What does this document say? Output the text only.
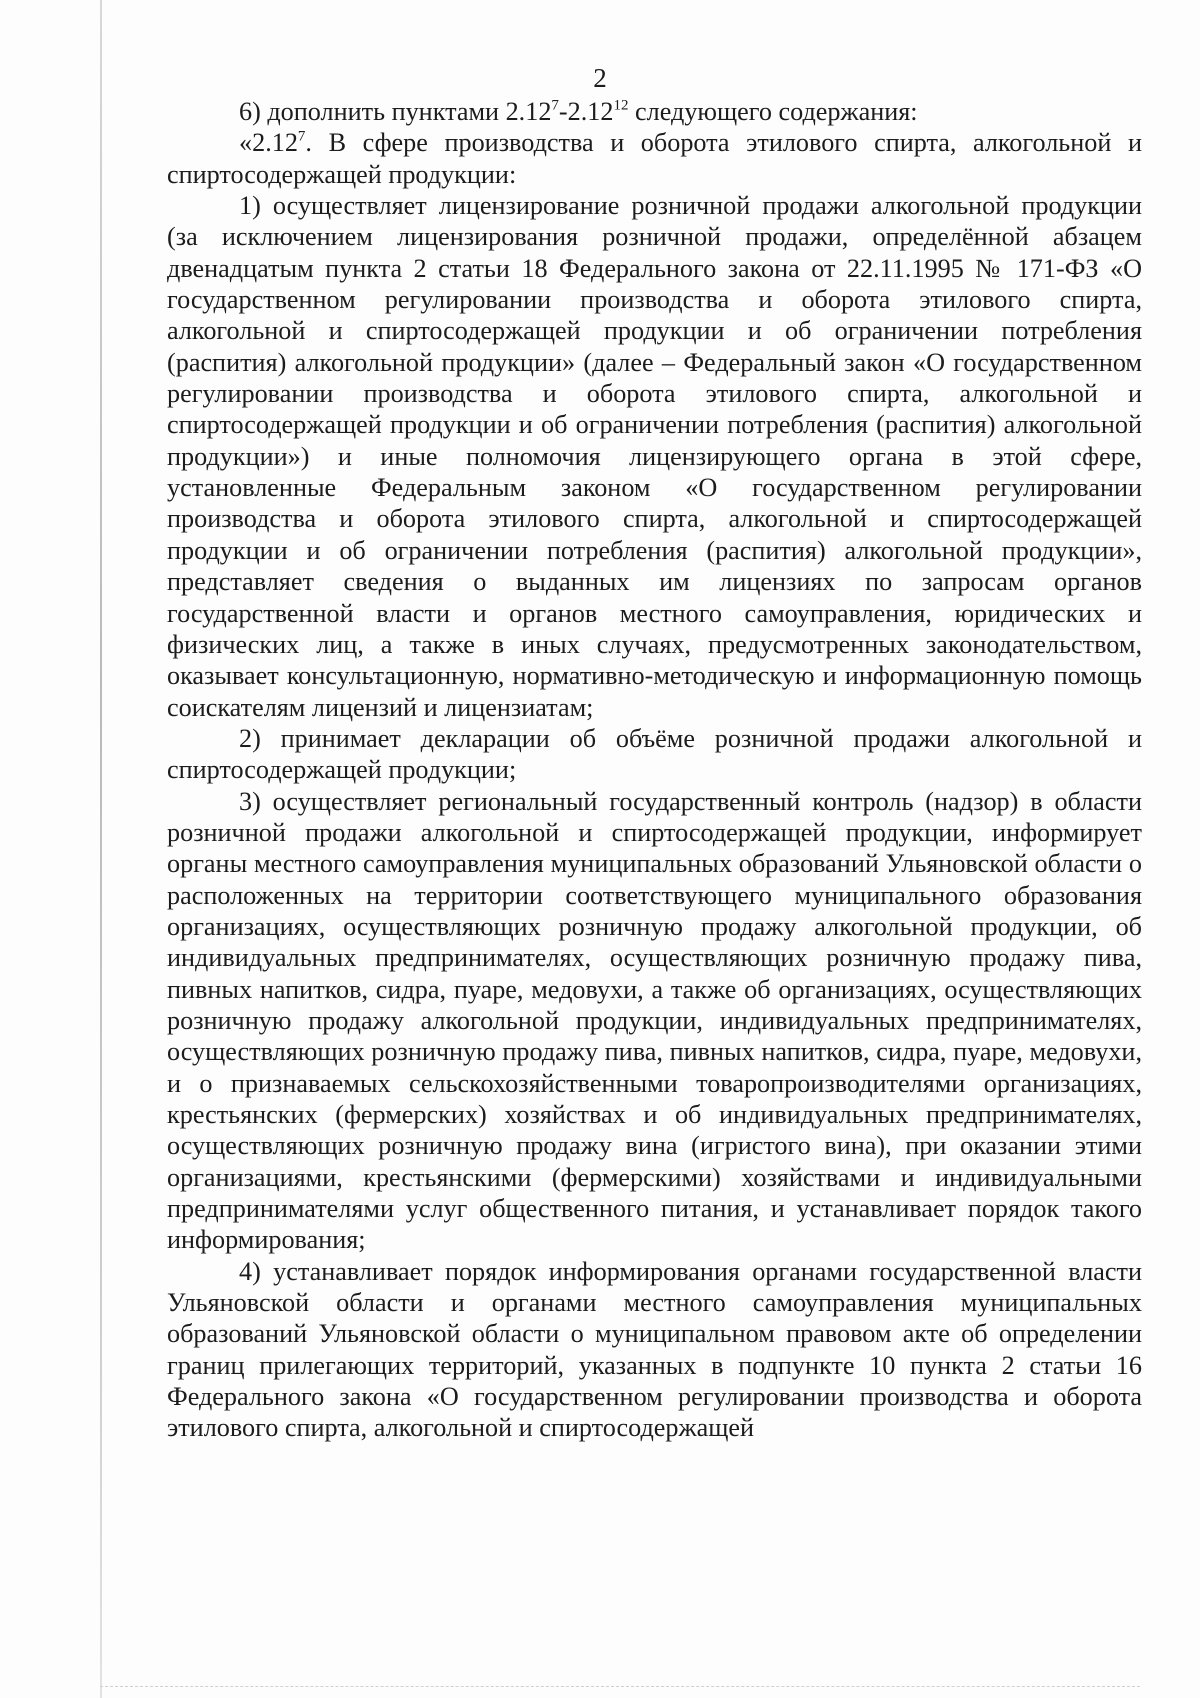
2

6) дополнить пунктами 2.12$^7$-2.12$^{12}$ следующего содержания:

«2.12$^7$. В сфере производства и оборота этилового спирта, алкогольной и спиртосодержащей продукции:

1) осуществляет лицензирование розничной продажи алкогольной продукции (за исключением лицензирования розничной продажи, определённой абзацем двенадцатым пункта 2 статьи 18 Федерального закона от 22.11.1995 № 171-ФЗ «О государственном регулировании производства и оборота этилового спирта, алкогольной и спиртосодержащей продукции и об ограничении потребления (распития) алкогольной продукции» (далее – Федеральный закон «О государственном регулировании производства и оборота этилового спирта, алкогольной и спиртосодержащей продукции и об ограничении потребления (распития) алкогольной продукции») и иные полномочия лицензирующего органа в этой сфере, установленные Федеральным законом «О государственном регулировании производства и оборота этилового спирта, алкогольной и спиртосодержащей продукции и об ограничении потребления (распития) алкогольной продукции», представляет сведения о выданных им лицензиях по запросам органов государственной власти и органов местного самоуправления, юридических и физических лиц, а также в иных случаях, предусмотренных законодательством, оказывает консультационную, нормативно-методическую и информационную помощь соискателям лицензий и лицензиатам;

2) принимает декларации об объёме розничной продажи алкогольной и спиртосодержащей продукции;

3) осуществляет региональный государственный контроль (надзор) в области розничной продажи алкогольной и спиртосодержащей продукции, информирует органы местного самоуправления муниципальных образований Ульяновской области о расположенных на территории соответствующего муниципального образования организациях, осуществляющих розничную продажу алкогольной продукции, об индивидуальных предпринимателях, осуществляющих розничную продажу пива, пивных напитков, сидра, пуаре, медовухи, а также об организациях, осуществляющих розничную продажу алкогольной продукции, индивидуальных предпринимателях, осуществляющих розничную продажу пива, пивных напитков, сидра, пуаре, медовухи, и о признаваемых сельскохозяйственными товаропроизводителями организациях, крестьянских (фермерских) хозяйствах и об индивидуальных предпринимателях, осуществляющих розничную продажу вина (игристого вина), при оказании этими организациями, крестьянскими (фермерскими) хозяйствами и индивидуальными предпринимателями услуг общественного питания, и устанавливает порядок такого информирования;

4) устанавливает порядок информирования органами государственной власти Ульяновской области и органами местного самоуправления муниципальных образований Ульяновской области о муниципальном правовом акте об определении границ прилегающих территорий, указанных в подпункте 10 пункта 2 статьи 16 Федерального закона «О государственном регулировании производства и оборота этилового спирта, алкогольной и спиртосодержащей
